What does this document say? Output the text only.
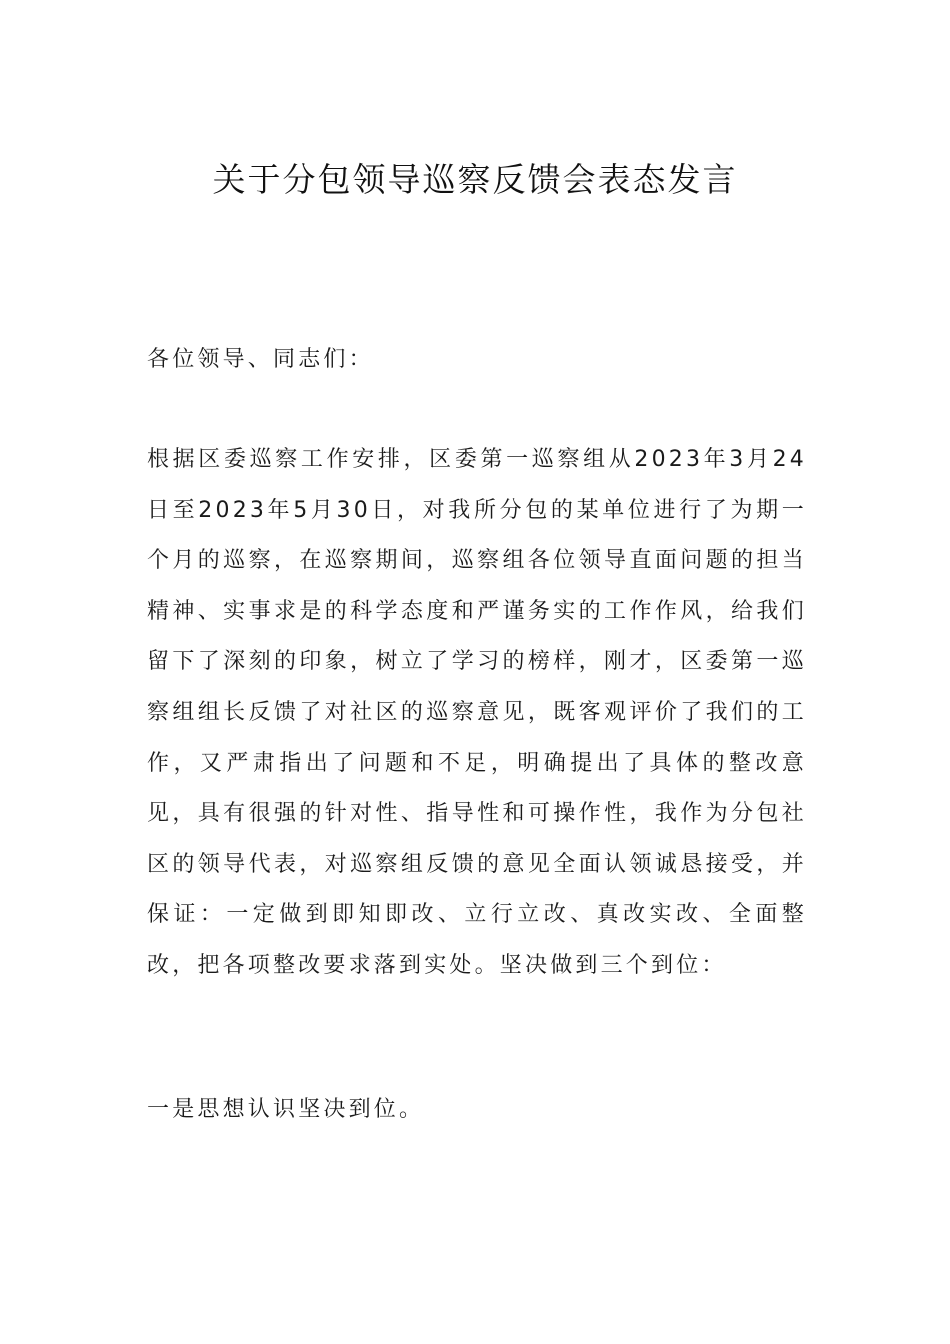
关于分包领导巡察反馈会表态发言

各位领导、同志们：

根据区委巡察工作安排，区委第一巡察组从2023年3月24日至2023年5月30日，对我所分包的某单位进行了为期一个月的巡察，在巡察期间，巡察组各位领导直面问题的担当精神、实事求是的科学态度和严谨务实的工作作风，给我们留下了深刻的印象，树立了学习的榜样，刚才，区委第一巡察组组长反馈了对社区的巡察意见，既客观评价了我们的工作，又严肃指出了问题和不足，明确提出了具体的整改意见，具有很强的针对性、指导性和可操作性，我作为分包社区的领导代表，对巡察组反馈的意见全面认领诚恳接受，并保证：一定做到即知即改、立行立改、真改实改、全面整改，把各项整改要求落到实处。坚决做到三个到位：

一是思想认识坚决到位。
